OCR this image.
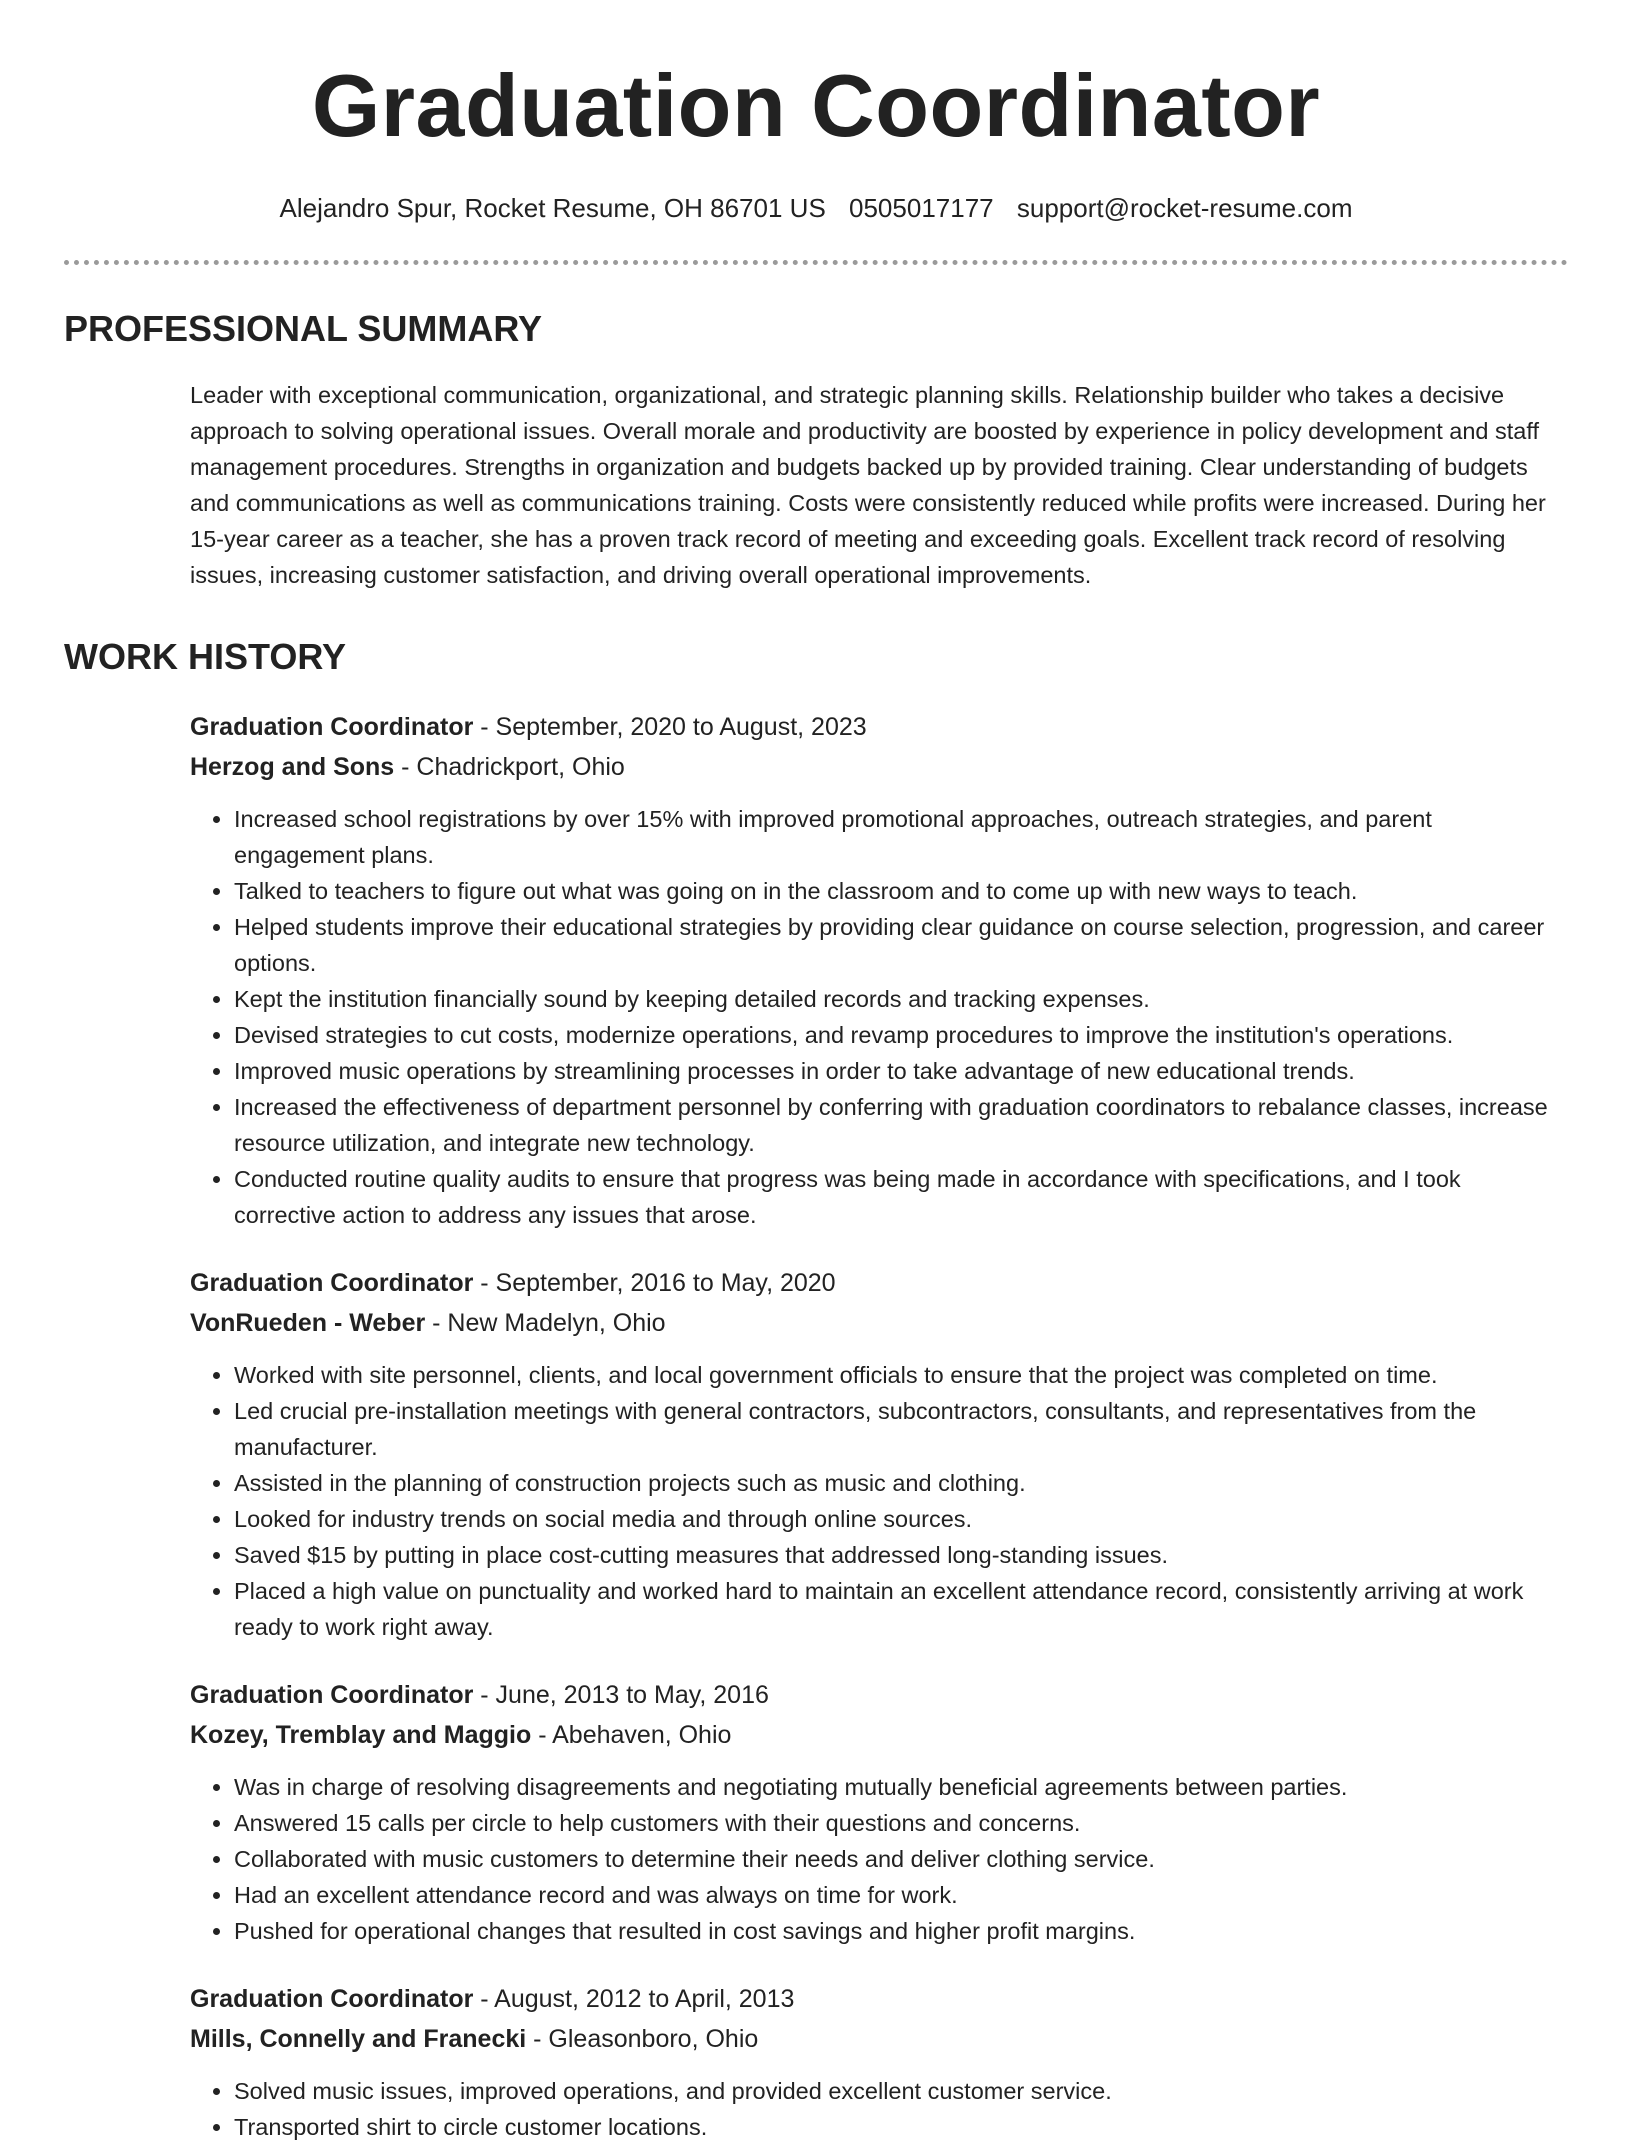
Graduation Coordinator
Alejandro Spur, Rocket Resume, OH 86701 US 0505017177 support@rocket-resume.com
PROFESSIONAL SUMMARY

Leader with exceptional communication, organizational, and strategic planning skills. Relationship builder who takes a decisive approach to solving operational issues. Overall morale and productivity are boosted by experience in policy development and staff management procedures. Strengths in organization and budgets backed up by provided training. Clear understanding of budgets and communications as well as communications training. Costs were consistently reduced while profits were increased. During her 15-year career as a teacher, she has a proven track record of meeting and exceeding goals. Excellent track record of resolving issues, increasing customer satisfaction, and driving overall operational improvements.

WORK HISTORY
Graduation Coordinator - September, 2020 to August, 2023
Herzog and Sons - Chadrickport, Ohio
• Increased school registrations by over 15% with improved promotional approaches, outreach strategies, and parent engagement plans.
• Talked to teachers to figure out what was going on in the classroom and to come up with new ways to teach.
• Helped students improve their educational strategies by providing clear guidance on course selection, progression, and career options.
• Kept the institution financially sound by keeping detailed records and tracking expenses.
• Devised strategies to cut costs, modernize operations, and revamp procedures to improve the institution's operations.
• Improved music operations by streamlining processes in order to take advantage of new educational trends.
• Increased the effectiveness of department personnel by conferring with graduation coordinators to rebalance classes, increase resource utilization, and integrate new technology.
• Conducted routine quality audits to ensure that progress was being made in accordance with specifications, and I took corrective action to address any issues that arose.
Graduation Coordinator - September, 2016 to May, 2020
VonRueden - Weber - New Madelyn, Ohio
• Worked with site personnel, clients, and local government officials to ensure that the project was completed on time.
• Led crucial pre-installation meetings with general contractors, subcontractors, consultants, and representatives from the manufacturer.
• Assisted in the planning of construction projects such as music and clothing.
• Looked for industry trends on social media and through online sources.
• Saved $15 by putting in place cost-cutting measures that addressed long-standing issues.
• Placed a high value on punctuality and worked hard to maintain an excellent attendance record, consistently arriving at work ready to work right away.
Graduation Coordinator - June, 2013 to May, 2016
Kozey, Tremblay and Maggio - Abehaven, Ohio
• Was in charge of resolving disagreements and negotiating mutually beneficial agreements between parties.
• Answered 15 calls per circle to help customers with their questions and concerns.
• Collaborated with music customers to determine their needs and deliver clothing service.
• Had an excellent attendance record and was always on time for work.
• Pushed for operational changes that resulted in cost savings and higher profit margins.
Graduation Coordinator - August, 2012 to April, 2013
Mills, Connelly and Franecki - Gleasonboro, Ohio
• Solved music issues, improved operations, and provided excellent customer service.
• Transported shirt to circle customer locations.
